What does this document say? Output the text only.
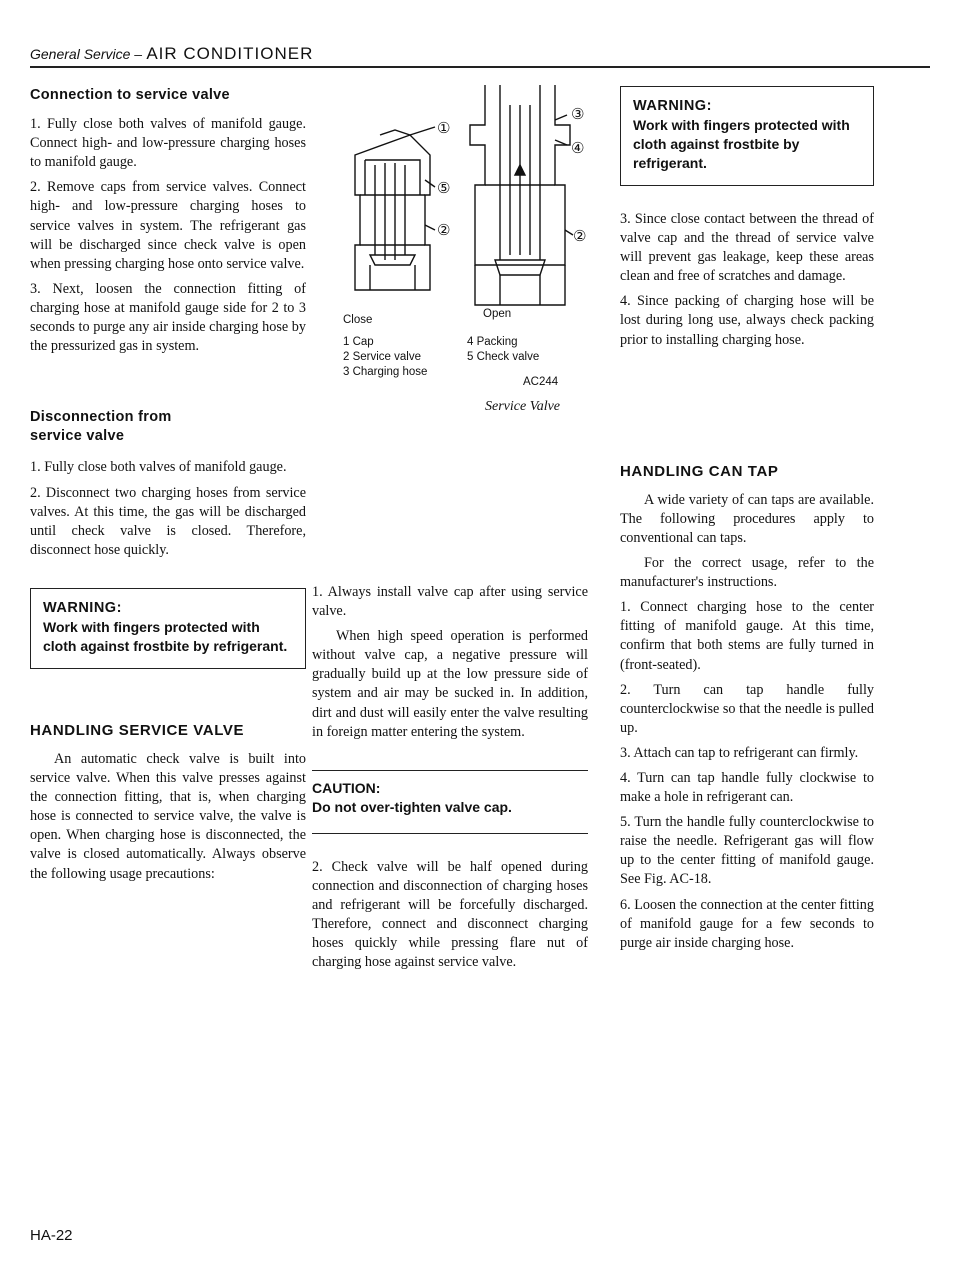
General Service – AIR CONDITIONER
Connection to service valve

1. Fully close both valves of manifold gauge. Connect high- and low-pressure charging hoses to manifold gauge.

2. Remove caps from service valves. Connect high- and low-pressure charging hoses to service valves in system. The refrigerant gas will be discharged since check valve is open when pressing charging hose onto service valve.

3. Next, loosen the connection fitting of charging hose at manifold gauge side for 2 to 3 seconds to purge any air inside charging hose by the pressurized gas in system.

Disconnection from
service valve

1. Fully close both valves of manifold gauge.

2. Disconnect two charging hoses from service valves. At this time, the gas will be discharged until check valve is closed. Therefore, disconnect hose quickly.

WARNING:
Work with fingers protected with cloth against frostbite by refrigerant.
HANDLING SERVICE VALVE

An automatic check valve is built into service valve. When this valve presses against the connection fitting, that is, when charging hose is connected to service valve, the valve is open. When charging hose is disconnected, the valve is closed automatically. Always observe the following usage precautions:

①
⑤
②
③
④
②
Close	Open
1 Cap
2 Service valve
3 Charging hose
4 Packing
5 Check valve
AC244
Service Valve

1. Always install valve cap after using service valve.

When high speed operation is performed without valve cap, a negative pressure will gradually build up at the low pressure side of system and air may be sucked in. In addition, dirt and dust will easily enter the valve resulting in foreign matter entering the system.

CAUTION:
Do not over-tighten valve cap.

2. Check valve will be half opened during connection and disconnection of charging hoses and refrigerant will be forcefully discharged. Therefore, connect and disconnect charging hoses quickly while pressing flare nut of charging hose against service valve.

WARNING:
Work with fingers protected with cloth against frostbite by refrigerant.

3. Since close contact between the thread of valve cap and the thread of service valve will prevent gas leakage, keep these areas clean and free of scratches and damage.

4. Since packing of charging hose will be lost during long use, always check packing prior to installing charging hose.

HANDLING CAN TAP

A wide variety of can taps are available. The following procedures apply to conventional can taps.

For the correct usage, refer to the manufacturer's instructions.

1. Connect charging hose to the center fitting of manifold gauge. At this time, confirm that both stems are fully turned in (front-seated).

2. Turn can tap handle fully counterclockwise so that the needle is pulled up.

3. Attach can tap to refrigerant can firmly.

4. Turn can tap handle fully clockwise to make a hole in refrigerant can.

5. Turn the handle fully counterclockwise to raise the needle. Refrigerant gas will flow up to the center fitting of manifold gauge. See Fig. AC-18.

6. Loosen the connection at the center fitting of manifold gauge for a few seconds to purge air inside charging hose.

HA-22
